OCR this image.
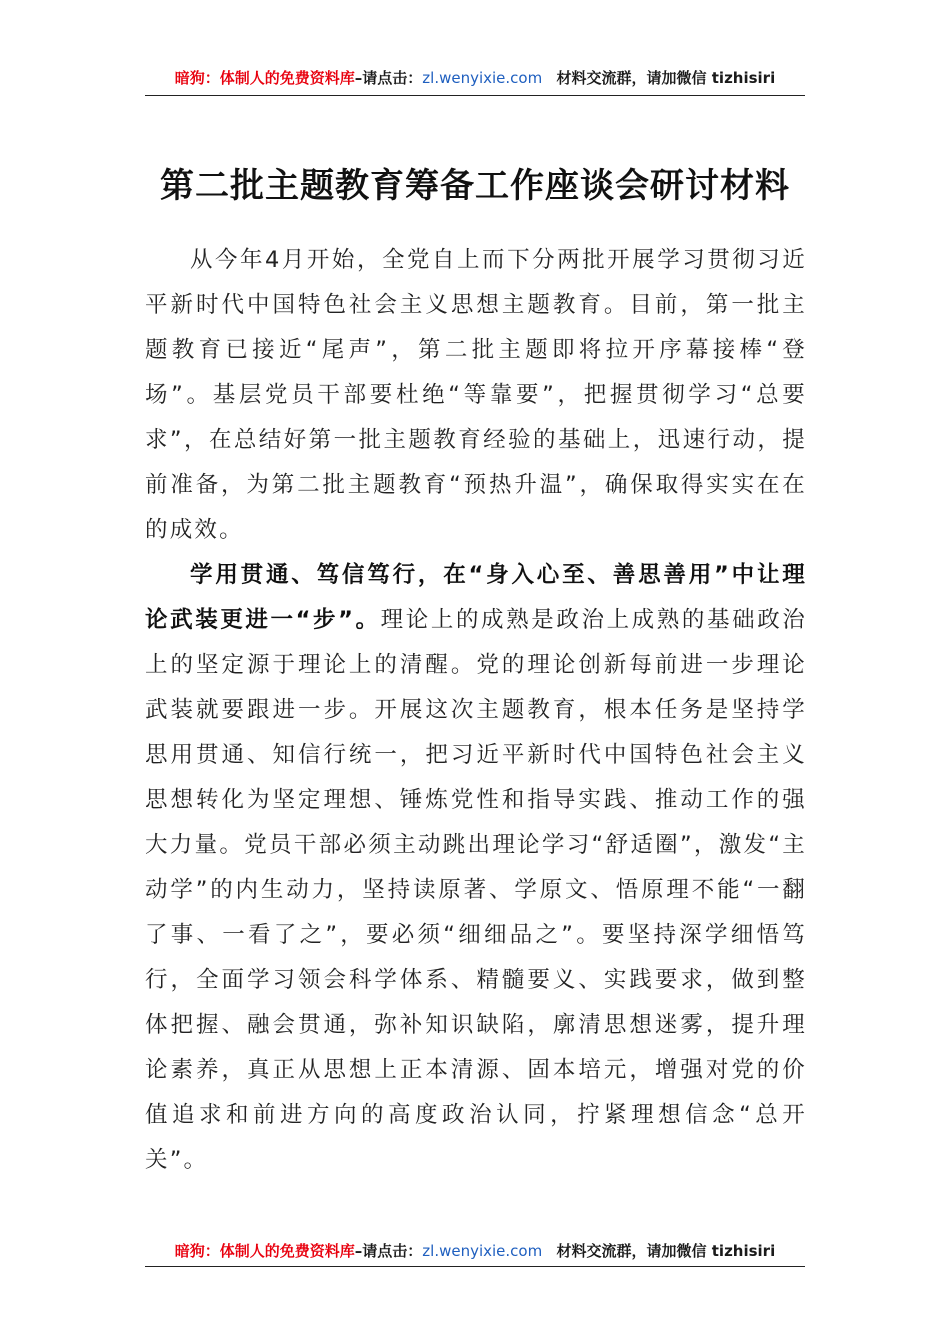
暗狗：体制人的免费资料库–请点击：zl.wenyixie.com 材料交流群，请加微信 tizhisiri
第二批主题教育筹备工作座谈会研讨材料

从今年4月开始，全党自上而下分两批开展学习贯彻习近平新时代中国特色社会主义思想主题教育。目前，第一批主题教育已接近“尾声”，第二批主题即将拉开序幕接棒“登场”。基层党员干部要杜绝“等靠要”，把握贯彻学习“总要求”，在总结好第一批主题教育经验的基础上，迅速行动，提前准备，为第二批主题教育“预热升温”，确保取得实实在在的成效。

学用贯通、笃信笃行，在“身入心至、善思善用”中让理论武装更进一“步”。理论上的成熟是政治上成熟的基础政治上的坚定源于理论上的清醒。党的理论创新每前进一步理论武装就要跟进一步。开展这次主题教育，根本任务是坚持学思用贯通、知信行统一，把习近平新时代中国特色社会主义思想转化为坚定理想、锤炼党性和指导实践、推动工作的强大力量。党员干部必须主动跳出理论学习“舒适圈”，激发“主动学”的内生动力，坚持读原著、学原文、悟原理不能“一翻了事、一看了之”，要必须“细细品之”。要坚持深学细悟笃行，全面学习领会科学体系、精髓要义、实践要求，做到整体把握、融会贯通，弥补知识缺陷，廓清思想迷雾，提升理论素养，真正从思想上正本清源、固本培元，增强对党的价值追求和前进方向的高度政治认同，拧紧理想信念“总开关”。

暗狗：体制人的免费资料库–请点击：zl.wenyixie.com 材料交流群，请加微信 tizhisiri
